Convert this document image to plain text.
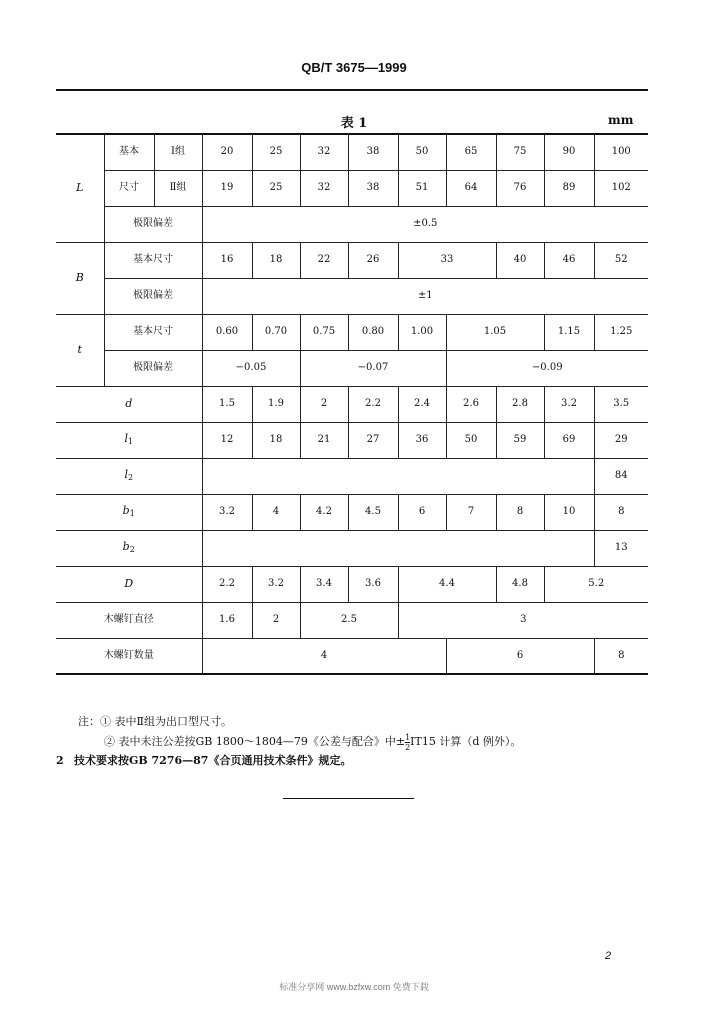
QB/T 3675—1999
表 1	mm
L	基本	Ⅰ组	20	25	32	38	50	65	75	90	100
	尺寸	Ⅱ组	19	25	32	38	51	64	76	89	102
	极限偏差		±0.5								
B	基本尺寸		16	18	22	26	33		40	46	52
	极限偏差		±1								
t	基本尺寸		0.60	0.70	0.75	0.80	1.00	1.05		1.15	1.25
	极限偏差		−0.05		−0.07			−0.09			
d			1.5	1.9	2	2.2	2.4	2.6	2.8	3.2	3.5
$l_1$			12	18	21	27	36	50	59	69	29
$l_2$											84
$b_1$			3.2	4	4.2	4.5	6	7	8	10	8
$b_2$											13
D			2.2	3.2	3.4	3.6	4.4		4.8	5.2	
木螺钉直径			1.6	2	2.5		3				
木螺钉数量			4					6			8
注：① 表中Ⅱ组为出口型尺寸。
② 表中未注公差按GB 1800～1804—79《公差与配合》中± $\frac{1}{2} IT15$ 计算（d 例外）。
2 技术要求按GB 7276—87《合页通用技术条件》规定。
2
标准分享网 www.bzfxw.com 免费下载
